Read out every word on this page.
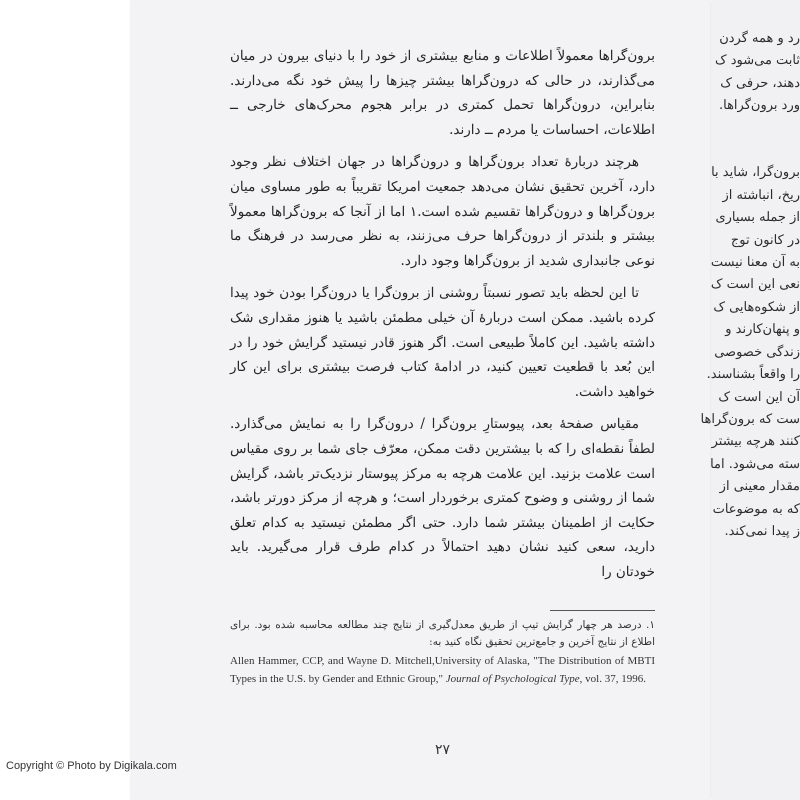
برون‌گراها معمولاً اطلاعات و منابع بیشتری از خود را با دنیای بیرون در میان می‌گذارند، در حالی که درون‌گراها بیشتر چیزها را پیش خود نگه می‌دارند. بنابراین، درون‌گراها تحمل کمتری در برابر هجوم محرک‌های خارجی ــ اطلاعات، احساسات یا مردم ــ دارند.

هرچند دربارهٔ تعداد برون‌گراها و درون‌گراها در جهان اختلاف نظر وجود دارد، آخرین تحقیق نشان می‌دهد جمعیت امریکا تقریباً به طور مساوی میان برون‌گراها و درون‌گراها تقسیم شده است.۱ اما از آنجا که برون‌گراها معمولاً بیشتر و بلندتر از درون‌گراها حرف می‌زنند، به نظر می‌رسد در فرهنگ ما نوعی جانبداری شدید از برون‌گراها وجود دارد.

تا این لحظه باید تصور نسبتاً روشنی از برون‌گرا یا درون‌گرا بودن خود پیدا کرده باشید. ممکن است دربارهٔ آن خیلی مطمئن باشید یا هنوز مقداری شک داشته باشید. این کاملاً طبیعی است. اگر هنوز قادر نیستید گرایش خود را در این بُعد با قطعیت تعیین کنید، در ادامهٔ کتاب فرصت بیشتری برای این کار خواهید داشت.

مقیاس صفحهٔ بعد، پیوستارِ برون‌گرا / درون‌گرا را به نمایش می‌گذارد. لطفاً نقطه‌ای را که با بیشترین دقت ممکن، معرّف جای شما بر روی مقیاس است علامت بزنید. این علامت هرچه به مرکز پیوستار نزدیک‌تر باشد، گرایش شما از روشنی و وضوح کمتری برخوردار است؛ و هرچه از مرکز دورتر باشد، حکایت از اطمینان بیشتر شما دارد. حتی اگر مطمئن نیستید به کدام تعلق دارید، سعی کنید نشان دهید احتمالاً در کدام طرف قرار می‌گیرید. باید خودتان را

۱. درصد هر چهار گرایش تیپ از طریق معدل‌گیری از نتایج چند مطالعه محاسبه شده بود. برای اطلاع از نتایج آخرین و جامع‌ترین تحقیق نگاه کنید به:
Allen Hammer, CCP, and Wayne D. Mitchell,University of Alaska, "The Distribution of MBTI Types in the U.S. by Gender and Ethnic Group," Journal of Psychological Type, vol. 37, 1996.
۲۷
رد و همه گردن
ثابت می‌شود ک
دهند، حرفی ک
ورد برون‌گراها.

برون‌گرا، شاید با
ریخ، انباشته از
از جمله بسیاری
در کانون توج
به آن معنا نیست
نعی این است ک
از شکوه‌هایی ک
و پنهان‌کارند و
زندگی خصوصی
را واقعاً بشناسند.
آن این است ک
ست که برون‌گراها
کنند هرچه بیشتر
سته می‌شود. اما
مقدار معینی از
که به موضوعات
ز پیدا نمی‌کند.
Copyright © Photo by Digikala.com
